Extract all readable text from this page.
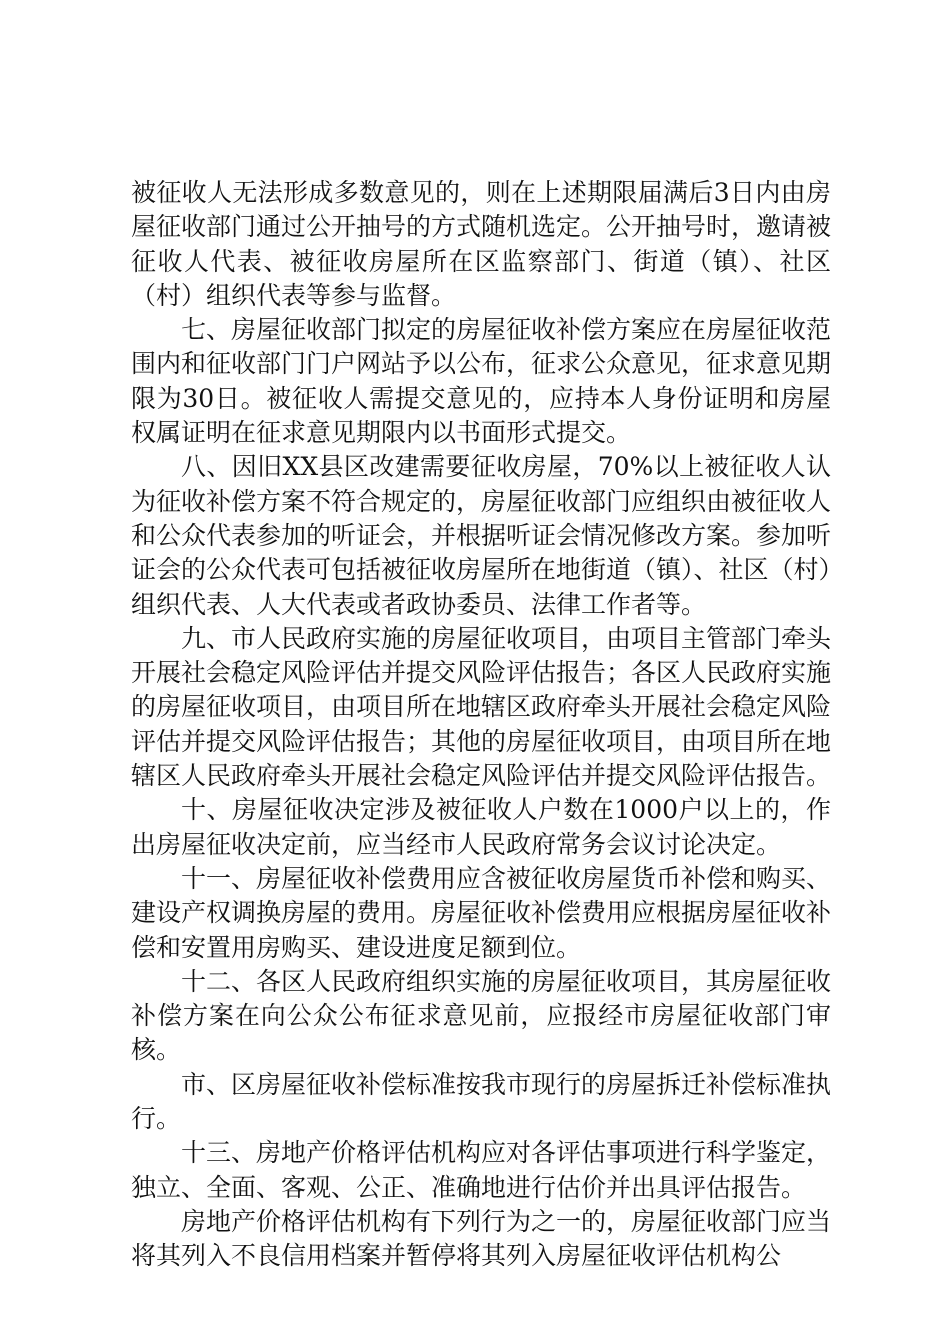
被征收人无法形成多数意见的，则在上述期限届满后3日内由房屋征收部门通过公开抽号的方式随机选定。公开抽号时，邀请被征收人代表、被征收房屋所在区监察部门、街道（镇）、社区（村）组织代表等参与监督。

七、房屋征收部门拟定的房屋征收补偿方案应在房屋征收范围内和征收部门门户网站予以公布，征求公众意见，征求意见期限为30日。被征收人需提交意见的，应持本人身份证明和房屋权属证明在征求意见期限内以书面形式提交。

八、因旧XX县区改建需要征收房屋，70%以上被征收人认为征收补偿方案不符合规定的，房屋征收部门应组织由被征收人和公众代表参加的听证会，并根据听证会情况修改方案。参加听证会的公众代表可包括被征收房屋所在地街道（镇）、社区（村）组织代表、人大代表或者政协委员、法律工作者等。

九、市人民政府实施的房屋征收项目，由项目主管部门牵头开展社会稳定风险评估并提交风险评估报告；各区人民政府实施的房屋征收项目，由项目所在地辖区政府牵头开展社会稳定风险评估并提交风险评估报告；其他的房屋征收项目，由项目所在地辖区人民政府牵头开展社会稳定风险评估并提交风险评估报告。

十、房屋征收决定涉及被征收人户数在1000户以上的，作出房屋征收决定前，应当经市人民政府常务会议讨论决定。

十一、房屋征收补偿费用应含被征收房屋货币补偿和购买、建设产权调换房屋的费用。房屋征收补偿费用应根据房屋征收补偿和安置用房购买、建设进度足额到位。

十二、各区人民政府组织实施的房屋征收项目，其房屋征收补偿方案在向公众公布征求意见前，应报经市房屋征收部门审核。

市、区房屋征收补偿标准按我市现行的房屋拆迁补偿标准执行。

十三、房地产价格评估机构应对各评估事项进行科学鉴定，独立、全面、客观、公正、准确地进行估价并出具评估报告。

房地产价格评估机构有下列行为之一的，房屋征收部门应当将其列入不良信用档案并暂停将其列入房屋征收评估机构公
